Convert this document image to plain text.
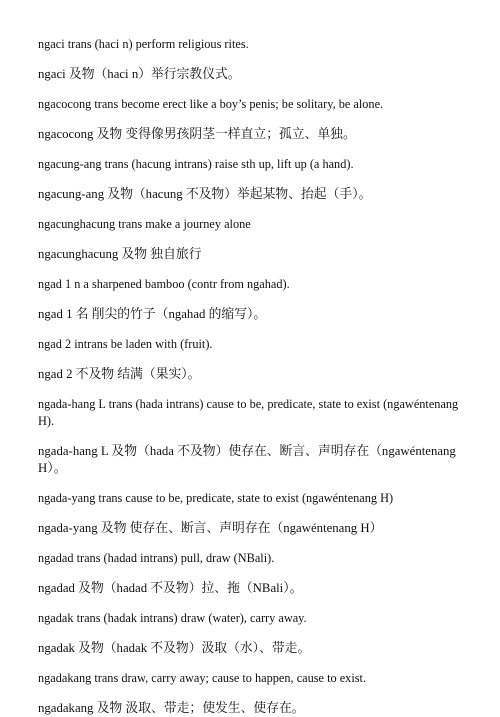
ngaci trans (haci n) perform religious rites.

ngaci 及物（haci n）举行宗教仪式。

ngacocong trans become erect like a boy’s penis; be solitary, be alone.

ngacocong 及物 变得像男孩阴茎一样直立；孤立、单独。

ngacung-ang trans (hacung intrans) raise sth up, lift up (a hand).

ngacung-ang 及物（hacung 不及物）举起某物、抬起（手）。

ngacunghacung trans make a journey alone

ngacunghacung 及物 独自旅行

ngad 1 n a sharpened bamboo (contr from ngahad).

ngad 1 名 削尖的竹子（ngahad 的缩写）。

ngad 2 intrans be laden with (fruit).

ngad 2 不及物 结满（果实）。

ngada-hang L trans (hada intrans) cause to be, predicate, state to exist (ngawéntenang H).

ngada-hang L 及物（hada 不及物）使存在、断言、声明存在（ngawéntenang H）。

ngada-yang trans cause to be, predicate, state to exist (ngawéntenang H)

ngada-yang 及物 使存在、断言、声明存在（ngawéntenang H）

ngadad trans (hadad intrans) pull, draw (NBali).

ngadad 及物（hadad 不及物）拉、拖（NBali）。

ngadak trans (hadak intrans) draw (water), carry away.

ngadak 及物（hadak 不及物）汲取（水）、带走。

ngadakang trans draw, carry away; cause to happen, cause to exist.

ngadakang 及物 汲取、带走；使发生、使存在。
